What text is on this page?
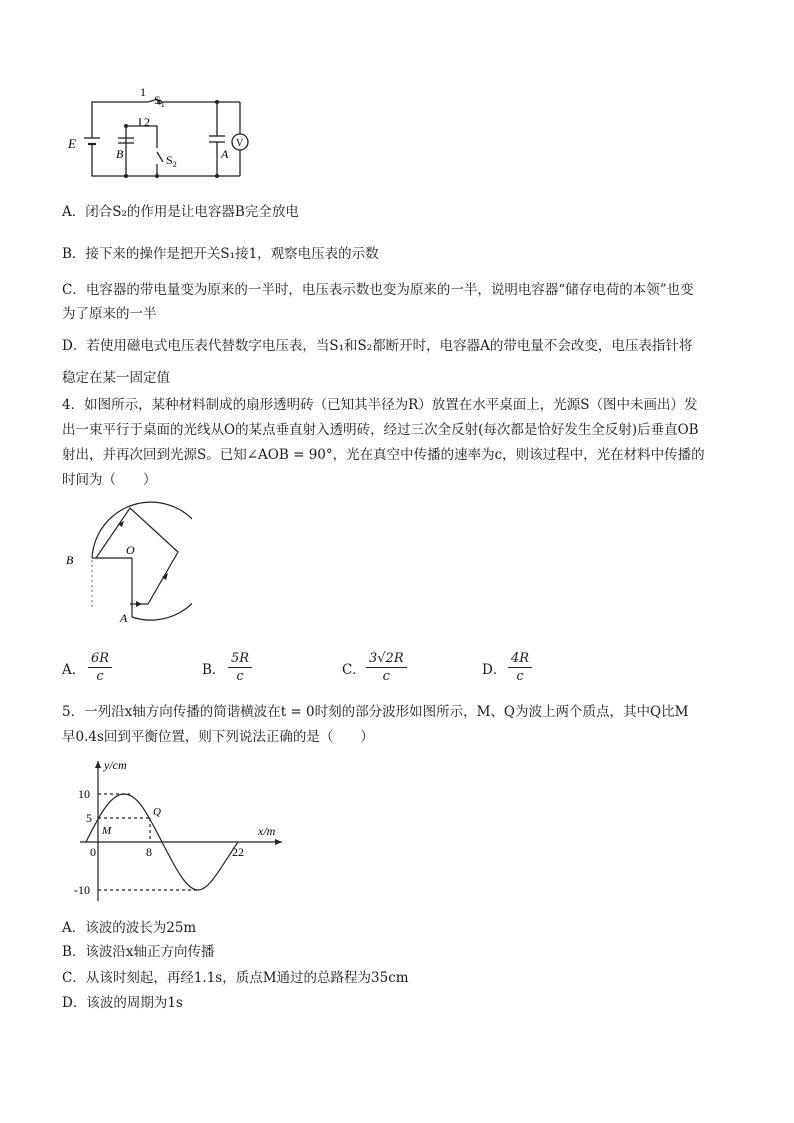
E
1
$S_1$
2
B	$S_2$
A
V
A．闭合S₂的作用是让电容器B完全放电
B．接下来的操作是把开关S₁接1，观察电压表的示数
C．电容器的带电量变为原来的一半时，电压表示数也变为原来的一半，说明电容器“储存电荷的本领”也变
为了原来的一半
D．若使用磁电式电压表代替数字电压表，当S₁和S₂都断开时，电容器A的带电量不会改变，电压表指针将
稳定在某一固定值
4．如图所示，某种材料制成的扇形透明砖（已知其半径为R）放置在水平桌面上，光源S（图中未画出）发
出一束平行于桌面的光线从O的某点垂直射入透明砖，经过三次全反射(每次都是恰好发生全反射)后垂直OB
射出，并再次回到光源S。已知∠AOB = 90°，光在真空中传播的速率为c，则该过程中，光在材料中传播的
时间为（　　）
B
O
A
A． $\frac{6R}{c}$	B． $\frac{5R}{c}$	C． $\frac{3√2R}{c}$	D． $\frac{4R}{c}$
5．一列沿x轴方向传播的简谐横波在t = 0时刻的部分波形如图所示，M、Q为波上两个质点，其中Q比M
早0.4s回到平衡位置，则下列说法正确的是（　　）
y/cm
x/m
10
5
-10
0	8	22
M
Q
A．该波的波长为25m
B．该波沿x轴正方向传播
C．从该时刻起，再经1.1s，质点M通过的总路程为35cm
D．该波的周期为1s
